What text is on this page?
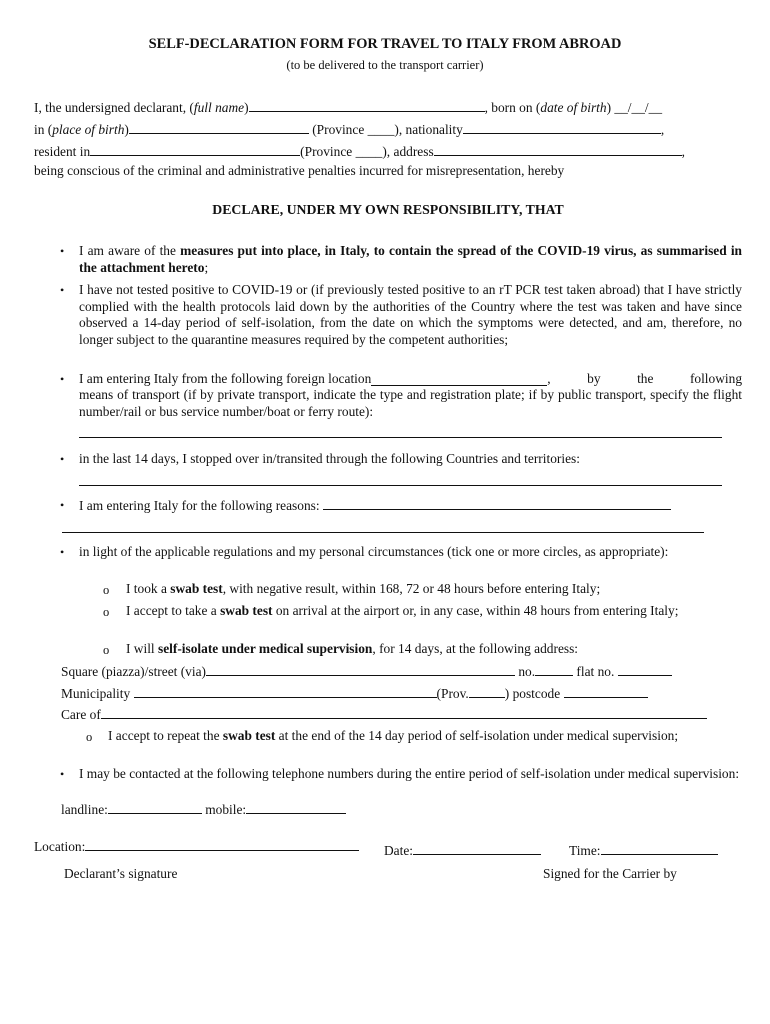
SELF-DECLARATION FORM FOR TRAVEL TO ITALY FROM ABROAD
(to be delivered to the transport carrier)
I, the undersigned declarant, (full name)	, born on (date of birth) __/__/__
in (place of birth)	(Province ____), nationality	,
resident in	(Province ____), address	,
being conscious of the criminal and administrative penalties incurred for misrepresentation, hereby
DECLARE, UNDER MY OWN RESPONSIBILITY, THAT
• I am aware of the measures put into place, in Italy, to contain the spread of the COVID-19 virus, as summarised in the attachment hereto;
• I have not tested positive to COVID-19 or (if previously tested positive to an rT PCR test taken abroad) that I have strictly complied with the health protocols laid down by the authorities of the Country where the test was taken and have since observed a 14-day period of self-isolation, from the date on which the symptoms were detected, and am, therefore, no longer subject to the quarantine measures required by the competent authorities;
• I am entering Italy from the following foreign location	,	by	the	following
means of transport (if by private transport, indicate the type and registration plate; if by public transport, specify the flight number/rail or bus service number/boat or ferry route):
• in the last 14 days, I stopped over in/transited through the following Countries and territories:
• I am entering Italy for the following reasons:
• in light of the applicable regulations and my personal circumstances (tick one or more circles, as appropriate):
o I took a swab test, with negative result, within 168, 72 or 48 hours before entering Italy;
o I accept to take a swab test on arrival at the airport or, in any case, within 48 hours from entering Italy;
o I will self-isolate under medical supervision, for 14 days, at the following address:
Square (piazza)/street (via)	no.	flat no.
Municipality	(Prov.	) postcode
Care of
o I accept to repeat the swab test at the end of the 14 day period of self-isolation under medical supervision;
• I may be contacted at the following telephone numbers during the entire period of self-isolation under medical supervision:
landline:	mobile:
Location:	Date:	Time:
Declarant’s signature	Signed for the Carrier by
